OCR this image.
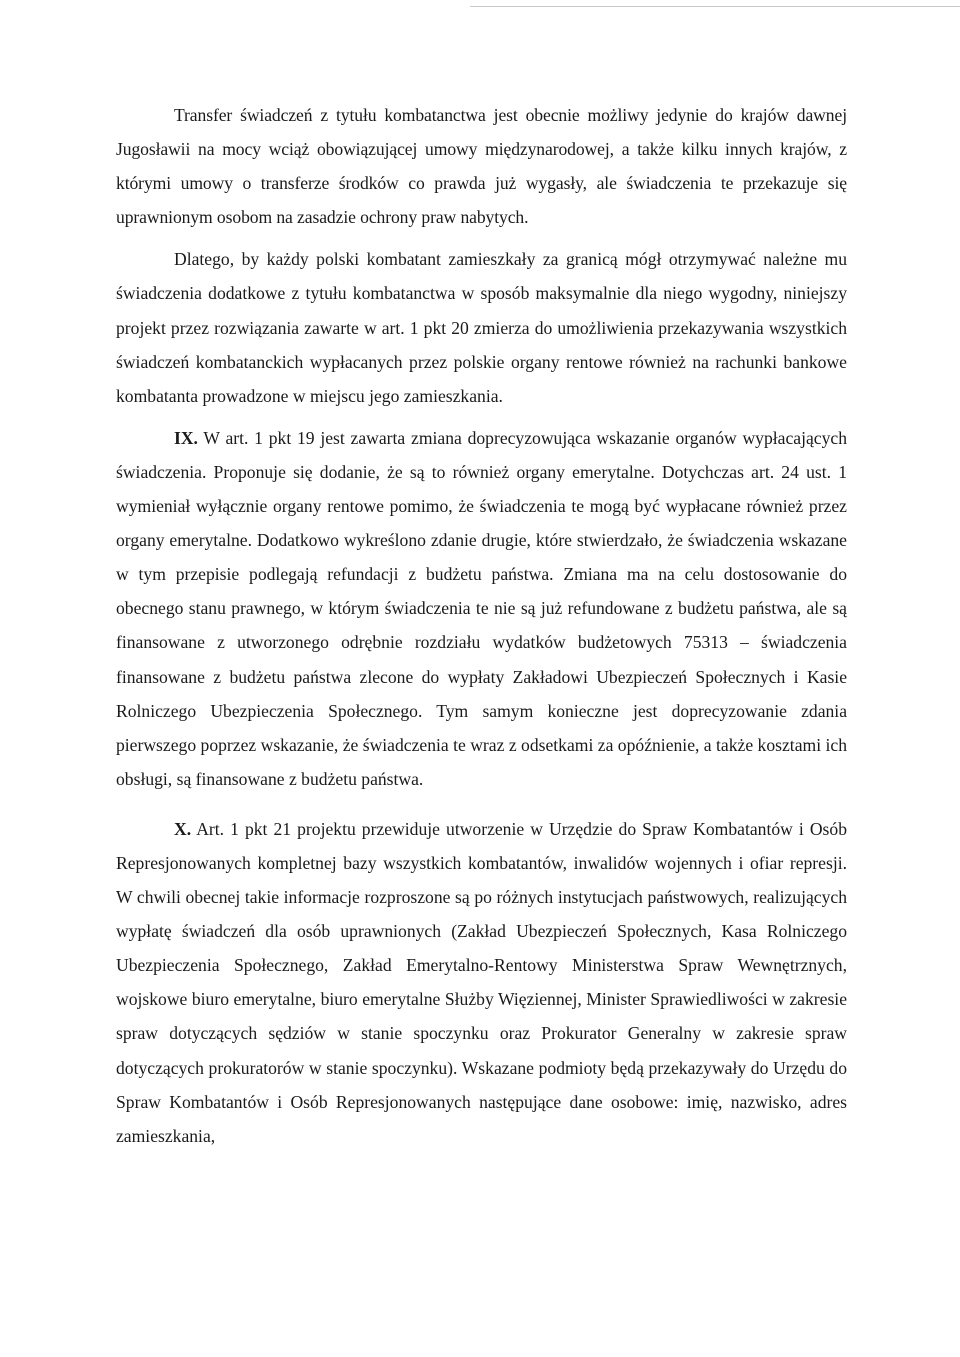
Transfer świadczeń z tytułu kombatanctwa jest obecnie możliwy jedynie do krajów dawnej Jugosławii na mocy wciąż obowiązującej umowy międzynarodowej, a także kilku innych krajów, z którymi umowy o transferze środków co prawda już wygasły, ale świadczenia te przekazuje się uprawnionym osobom na zasadzie ochrony praw nabytych.

Dlatego, by każdy polski kombatant zamieszkały za granicą mógł otrzymywać należne mu świadczenia dodatkowe z tytułu kombatanctwa w sposób maksymalnie dla niego wygodny, niniejszy projekt przez rozwiązania zawarte w art. 1 pkt 20 zmierza do umożliwienia przekazywania wszystkich świadczeń kombatanckich wypłacanych przez polskie organy rentowe również na rachunki bankowe kombatanta prowadzone w miejscu jego zamieszkania.

IX. W art. 1 pkt 19 jest zawarta zmiana doprecyzowująca wskazanie organów wypłacających świadczenia. Proponuje się dodanie, że są to również organy emerytalne. Dotychczas art. 24 ust. 1 wymieniał wyłącznie organy rentowe pomimo, że świadczenia te mogą być wypłacane również przez organy emerytalne. Dodatkowo wykreślono zdanie drugie, które stwierdzało, że świadczenia wskazane w tym przepisie podlegają refundacji z budżetu państwa. Zmiana ma na celu dostosowanie do obecnego stanu prawnego, w którym świadczenia te nie są już refundowane z budżetu państwa, ale są finansowane z utworzonego odrębnie rozdziału wydatków budżetowych 75313 – świadczenia finansowane z budżetu państwa zlecone do wypłaty Zakładowi Ubezpieczeń Społecznych i Kasie Rolniczego Ubezpieczenia Społecznego. Tym samym konieczne jest doprecyzowanie zdania pierwszego poprzez wskazanie, że świadczenia te wraz z odsetkami za opóźnienie, a także kosztami ich obsługi, są finansowane z budżetu państwa.

X. Art. 1 pkt 21 projektu przewiduje utworzenie w Urzędzie do Spraw Kombatantów i Osób Represjonowanych kompletnej bazy wszystkich kombatantów, inwalidów wojennych i ofiar represji. W chwili obecnej takie informacje rozproszone są po różnych instytucjach państwowych, realizujących wypłatę świadczeń dla osób uprawnionych (Zakład Ubezpieczeń Społecznych, Kasa Rolniczego Ubezpieczenia Społecznego, Zakład Emerytalno-Rentowy Ministerstwa Spraw Wewnętrznych, wojskowe biuro emerytalne, biuro emerytalne Służby Więziennej, Minister Sprawiedliwości w zakresie spraw dotyczących sędziów w stanie spoczynku oraz Prokurator Generalny w zakresie spraw dotyczących prokuratorów w stanie spoczynku). Wskazane podmioty będą przekazywały do Urzędu do Spraw Kombatantów i Osób Represjonowanych następujące dane osobowe: imię, nazwisko, adres zamieszkania,
